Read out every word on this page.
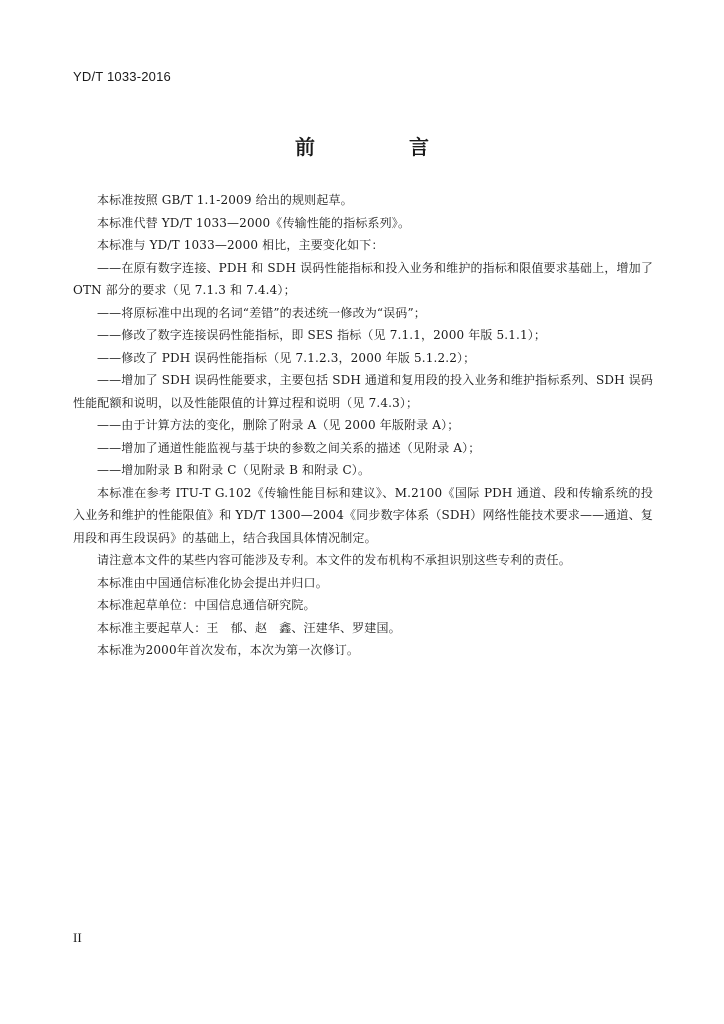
YD/T 1033-2016
前　言

本标准按照 GB/T 1.1-2009 给出的规则起草。

本标准代替 YD/T 1033—2000《传输性能的指标系列》。

本标准与 YD/T 1033—2000 相比，主要变化如下：

——在原有数字连接、PDH 和 SDH 误码性能指标和投入业务和维护的指标和限值要求基础上，增加了 OTN 部分的要求（见 7.1.3 和 7.4.4）；

——将原标准中出现的名词“差错”的表述统一修改为“误码”；

——修改了数字连接误码性能指标，即 SES 指标（见 7.1.1，2000 年版 5.1.1）；

——修改了 PDH 误码性能指标（见 7.1.2.3，2000 年版 5.1.2.2）；

——增加了 SDH 误码性能要求，主要包括 SDH 通道和复用段的投入业务和维护指标系列、SDH 误码性能配额和说明，以及性能限值的计算过程和说明（见 7.4.3）；

——由于计算方法的变化，删除了附录 A（见 2000 年版附录 A）；

——增加了通道性能监视与基于块的参数之间关系的描述（见附录 A）；

——增加附录 B 和附录 C（见附录 B 和附录 C）。

本标准在参考 ITU-T G.102《传输性能目标和建议》、M.2100《国际 PDH 通道、段和传输系统的投入业务和维护的性能限值》和 YD/T 1300—2004《同步数字体系（SDH）网络性能技术要求——通道、复用段和再生段误码》的基础上，结合我国具体情况制定。

请注意本文件的某些内容可能涉及专利。本文件的发布机构不承担识别这些专利的责任。

本标准由中国通信标准化协会提出并归口。

本标准起草单位：中国信息通信研究院。

本标准主要起草人：王　郁、赵　鑫、汪建华、罗建国。

本标准为2000年首次发布，本次为第一次修订。

II
